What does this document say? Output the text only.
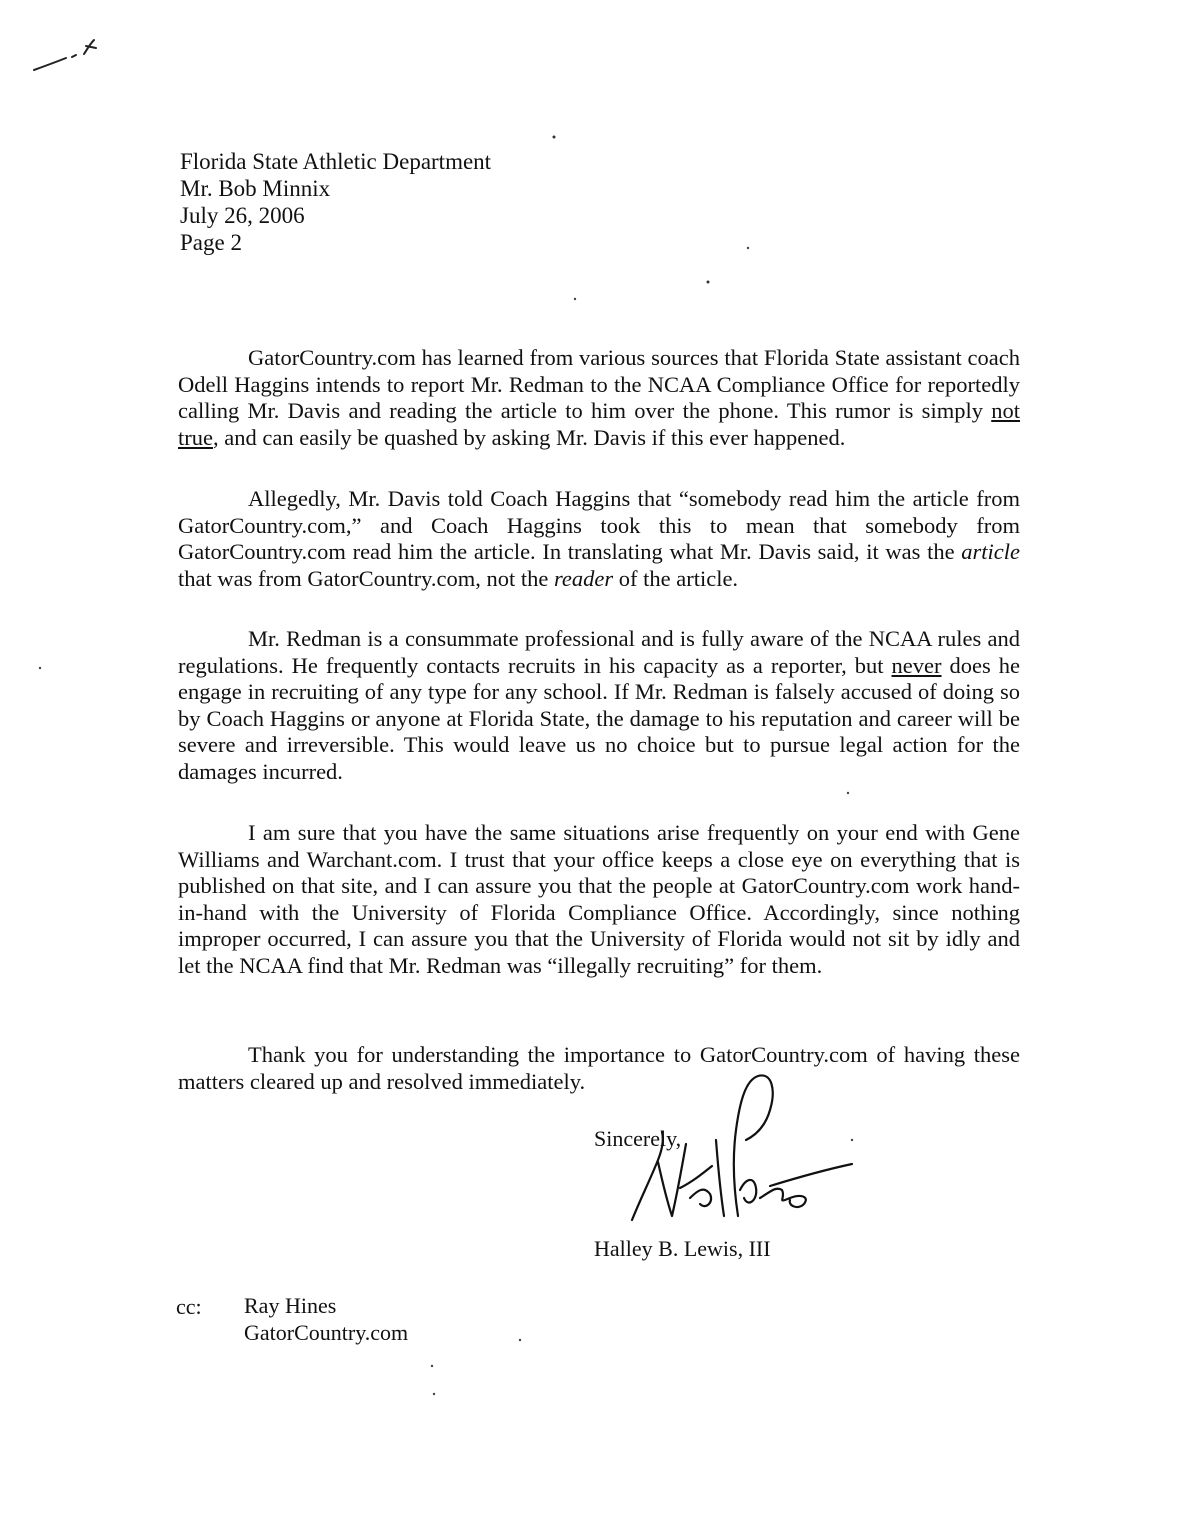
Florida State Athletic Department
Mr. Bob Minnix
July 26, 2006
Page 2

GatorCountry.com has learned from various sources that Florida State assistant coach Odell Haggins intends to report Mr. Redman to the NCAA Compliance Office for reportedly calling Mr. Davis and reading the article to him over the phone. This rumor is simply not true, and can easily be quashed by asking Mr. Davis if this ever happened.

Allegedly, Mr. Davis told Coach Haggins that “somebody read him the article from GatorCountry.com,” and Coach Haggins took this to mean that somebody from GatorCountry.com read him the article. In translating what Mr. Davis said, it was the article that was from GatorCountry.com, not the reader of the article.

Mr. Redman is a consummate professional and is fully aware of the NCAA rules and regulations. He frequently contacts recruits in his capacity as a reporter, but never does he engage in recruiting of any type for any school. If Mr. Redman is falsely accused of doing so by Coach Haggins or anyone at Florida State, the damage to his reputation and career will be severe and irreversible. This would leave us no choice but to pursue legal action for the damages incurred.

I am sure that you have the same situations arise frequently on your end with Gene Williams and Warchant.com. I trust that your office keeps a close eye on everything that is published on that site, and I can assure you that the people at GatorCountry.com work hand-in-hand with the University of Florida Compliance Office. Accordingly, since nothing improper occurred, I can assure you that the University of Florida would not sit by idly and let the NCAA find that Mr. Redman was “illegally recruiting” for them.

Thank you for understanding the importance to GatorCountry.com of having these matters cleared up and resolved immediately.

Sincerely,
Halley B. Lewis, III
cc: Ray Hines
GatorCountry.com
